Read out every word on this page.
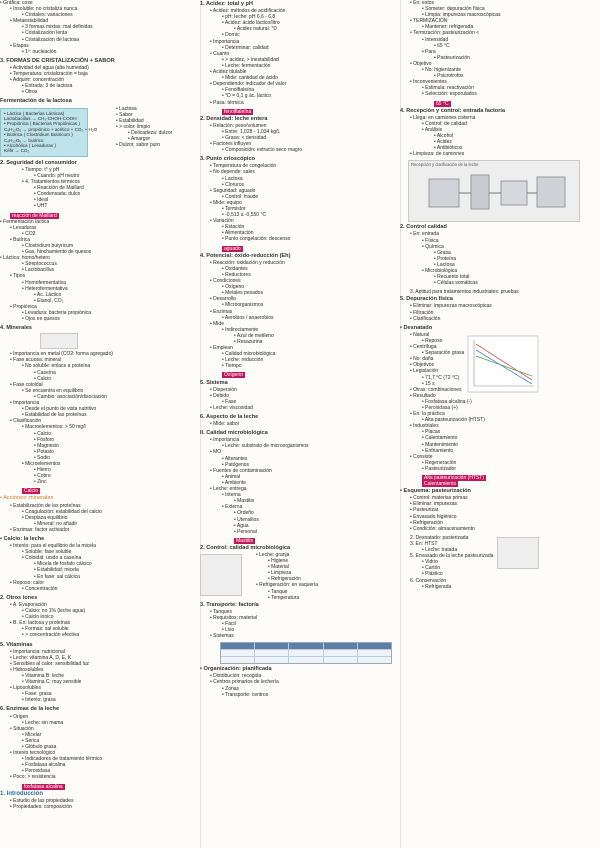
• Gráfica: cose
• Insoluble: no cristaliza nunca
• Cristales: variaciones
• Metaestabilidad
• 3 formas mixtas: mal definidas
• Cristalización lenta
• Cristalización de lactosa
• Etapas
• 1º: nucleación
3. FORMAS DE CRISTALIZACIÓN + SABOR
• Actividad del agua (alta humedad)
• Temperatura: cristalización = baja
• Adquirir: concentración
• Entrada: 3 de lactosa
• Otros
Fermentación de la lactosa
• Láctica ( Bacterias Lácticas)
Lactobacillus → CH₃-CHOH-COOH
• Propiónica ( Bacterias Propiónicas )
C₆H₁₂O₆ → propiónico + acético + CO₂ + H₂O
• Butírica ( Clostridium Butiricum )
C₆H₁₂O₆ → butírico
• Alcohólica ( Levaduras )
Kéfir → CO₂
• Lactosa
• Sabor
• Estabilidad
• > color: limpio
• Delicadeza: dulzor
• Amargor
• Dulzor, sabor puro
2. Seguridad del consumidor
• Tiempo: t° y pH
• Cuando: pH neutro
• 4. Tratamientos térmicos
• Reacción de Maillard
• Condensada: dulce
• Ideal
• UHT
reacción de Maillard
• Fermentación láctica
• Levaduras
• CO2
• Butírica
• Clostridium butyricum
• Gas, hinchamiento de quesos
• Láctica: homo/hetero
• Streptococcus
• Lactobacillus
• Tipos
• Homofermentativa
• Heterofermentativa
• Ac. Láctico
• Etanol, CO₂
• Propiónica
• Levadura: bacteria propiónica
• Ojos en quesos
4. Minerales
• Importancia en metal (CO2: forma agregado)
• Fase acuosa: mineral
• No soluble: enlace a proteína
• Caseína
• Calcio
• Fase coloidal
• Se encuentra en equilibrio
• Cambio: asociación/disociación
• Importancia
• Desde el punto de vista nutritivo
• Estabilidad de las proteínas
• Clasificación
• Macroelementos: > 50 mg/l
• Calcio
• Fósforo
• Magnesio
• Potasio
• Sodio
• Microelementos
• Hierro
• Cobre
• Zinc
Calcio
• Acciones: minerales
• Estabilización de las proteínas
• Coagulación: estabilidad del calcio
• Desplaza equilibrio
• Mineral: no añadir
• Enzimas: factor activador
• Calcio: la leche
• Interés: para el equilibrio de la micela
• Soluble: fase soluble
• Coloidal: unido a caseína
• Micela de fosfato cálcico
• Estabilidad: micela
• En fase: sal cálcica
• Reposo: calor
• Concentración
2. Otros iones
• A. Evaporación
• Calcio: no 1% (leche agua)
• Calcio iónico
• B. En: lactosa y proteínas
• Formas: sal soluble
• > concentración efectiva
5. Vitaminas
• Importancia: nutricional
• Leche: vitamina A, D, E, K
• Sensibles al calor: sensibilidad luz
• Hidrosolubles
• Vitamina B: leche
• Vitamina C: muy sensible
• Liposolubles
• Fase: grasa
• Interés: grasa
6. Enzimas de la leche
• Origen
• Leche: sin mama
• Situación
• Micelar
• Sérica
• Glóbulo grasa
• Interés tecnológico
• Indicadores de tratamiento térmico
• Fosfatasa alcalina
• Peroxidasa
• Poco: > resistencia
fosfatasa alcalina
1. Introducción
• Estudio de las propiedades
• Propiedades: composición
1. Acidez: total y pH
• Acidez: métodos de acidificación
• pH: leche: pH 6,6 - 6,8
• Acidez: ácido láctico/litro
• Acidez natural: °D
• Dornic
• Importancia
• Determinar: calidad
• Cuanto
• > acidez, > inestabilidad
• Leche: fermentación
• Acidez titulable
• Mide: cantidad de ácido
• Dependiendo: indicador del valor
• Fenolftaleína
• °D = 0,1 g ác. láctico
• Pasa: térmica
fenolftaleína
2. Densidad: leche entera
• Relación: peso/volumen
• Entre: 1,028 - 1,034 kg/L
• Grasa: < densidad
• Factores influyen
• Composición: extracto seco magro
3. Punto crioscópico
• Temperatura de congelación
• No depende: sales
• Lactosa
• Cloruros
• Seguridad: aguado
• Control: fraude
• Mide: equipo
• Termistor
• -0,513 a -0,550 °C
• Variación
• Estación
• Alimentación
• Punto congelación: descenso
aguado
4. Potencial: óxido-reducción (Eh)
• Reacción: oxidación y reducción
• Oxidantes
• Reductores
• Condiciones
• Oxígeno
• Metales pesados
• Desarrollo
• Microorganismos
• Enzimas
• Aerobios / anaerobios
• Mide
• Indirectamente
• Azul de metileno
• Resazurina
• Emplean
• Calidad microbiológica
• Leche: reducción
• Tiempo
Oxígeno
5. Sistema
• Dispersión
• Debido
• Fase
• Leche: viscosidad
6. Aspecto de la leche
• Mide: sabor
II. Calidad microbiológica
• Importancia
• Leche: substrato de microorganismos
• MO
• Alterantes
• Patógenos
• Fuentes de contaminación
• Animal
• Ambiente
• Leche: entrega
• Interna
• Mastitis
• Externa
• Ordeño
• Utensilios
• Agua
• Personal
Mastitis
2. Control: calidad microbiológica
• Leche: granja
• Higiene
• Material
• Limpieza
• Refrigeración
• Refrigeración: en vaquería
• Tanque
• Temperatura
3. Transporte: factoría
• Tanques
• Requisitos: material
• Fácil
• Liso
• Sistemas
• Organización: planificada
• Distribución: recogida
• Centros primarios de lechería
• Zonas
• Transporte: centros
• En: estos
• Someter: depuración física
• Limpia: impurezas macroscópicas
• TERMIZACIÓN
• Mantener: refrigerada
• Termización: pasteurización <
• Intensidad
• 65 °C
• Para
• Pasteurización
• Objetivo
• No: higienizante
• Psicrotrofos
• Inconvenientes
• Estimula: reactivación
• Selección: esporulados
65 °C
4. Recepción y control: entrada factoría
• Llega: en camiones cisterna
• Control: de calidad
• Análisis
• Alcohol
• Acidez
• Antibióticos
• Limpieza: de camiones
Recepción y clarificación de la leche
2. Control calidad
• En: entrada
• Física
• Química
• Grasa
• Proteína
• Lactosa
• Microbiológica
• Recuento total
• Células somáticas
3. Aptitud para tratamientos industriales: pruebas
5. Depuración física
• Eliminar: impurezas macroscópicas
• Filtración
• Clarificación
• Desnatado
• Natural
• Reposo
• Centrífuga
• Separación grasa
• No: daña
• Objetivos
• Legislación
• 71,7 °C (72 °C)
• 15 s
• Otras: combinaciones
• Resultado
• Fosfatasa alcalina (-)
• Peroxidasa (+)
• En: la práctica
• Alta pasteurización (HTST)
• Industriales
• Placas
• Calentamiento
• Mantenimiento
• Enfriamiento
• Consiste
• Regeneración
• Pasteurizador
Alta pasteurización (HTST)
Calentamiento
• Esquema: pasteurización
• Control: materias primas
• Eliminar: impurezas
• Pasteurizar
• Envasado higiénico
• Refrigeración
• Condición: almacenamiento
2. Desnatado: pasterizada
3. En: HTST
• Leche: tratada
5. Envasado de la leche pasteurizada
• Vidrio
• Cartón
• Plástico
6. Conservación
• Refrigerada
